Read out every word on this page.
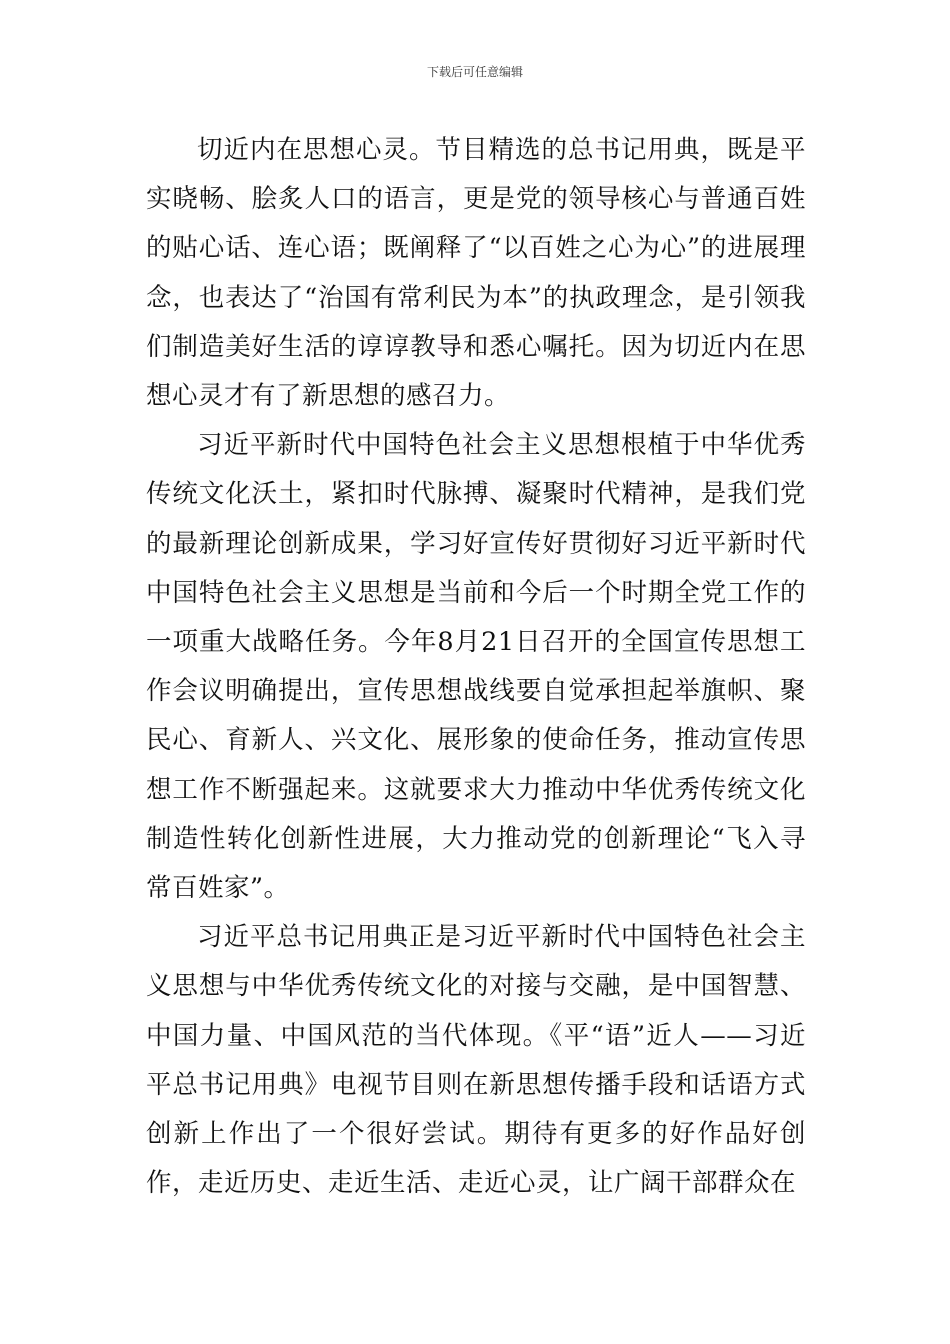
下载后可任意编辑

切近内在思想心灵。节目精选的总书记用典，既是平实晓畅、脍炙人口的语言，更是党的领导核心与普通百姓的贴心话、连心语；既阐释了“以百姓之心为心”的进展理念，也表达了“治国有常利民为本”的执政理念，是引领我们制造美好生活的谆谆教导和悉心嘱托。因为切近内在思想心灵才有了新思想的感召力。

习近平新时代中国特色社会主义思想根植于中华优秀传统文化沃土，紧扣时代脉搏、凝聚时代精神，是我们党的最新理论创新成果，学习好宣传好贯彻好习近平新时代中国特色社会主义思想是当前和今后一个时期全党工作的一项重大战略任务。今年8月21日召开的全国宣传思想工作会议明确提出，宣传思想战线要自觉承担起举旗帜、聚民心、育新人、兴文化、展形象的使命任务，推动宣传思想工作不断强起来。这就要求大力推动中华优秀传统文化制造性转化创新性进展，大力推动党的创新理论“飞入寻常百姓家”。

习近平总书记用典正是习近平新时代中国特色社会主义思想与中华优秀传统文化的对接与交融，是中国智慧、中国力量、中国风范的当代体现。《平“语”近人——习近平总书记用典》电视节目则在新思想传播手段和话语方式创新上作出了一个很好尝试。期待有更多的好作品好创作，走近历史、走近生活、走近心灵，让广阔干部群众在
